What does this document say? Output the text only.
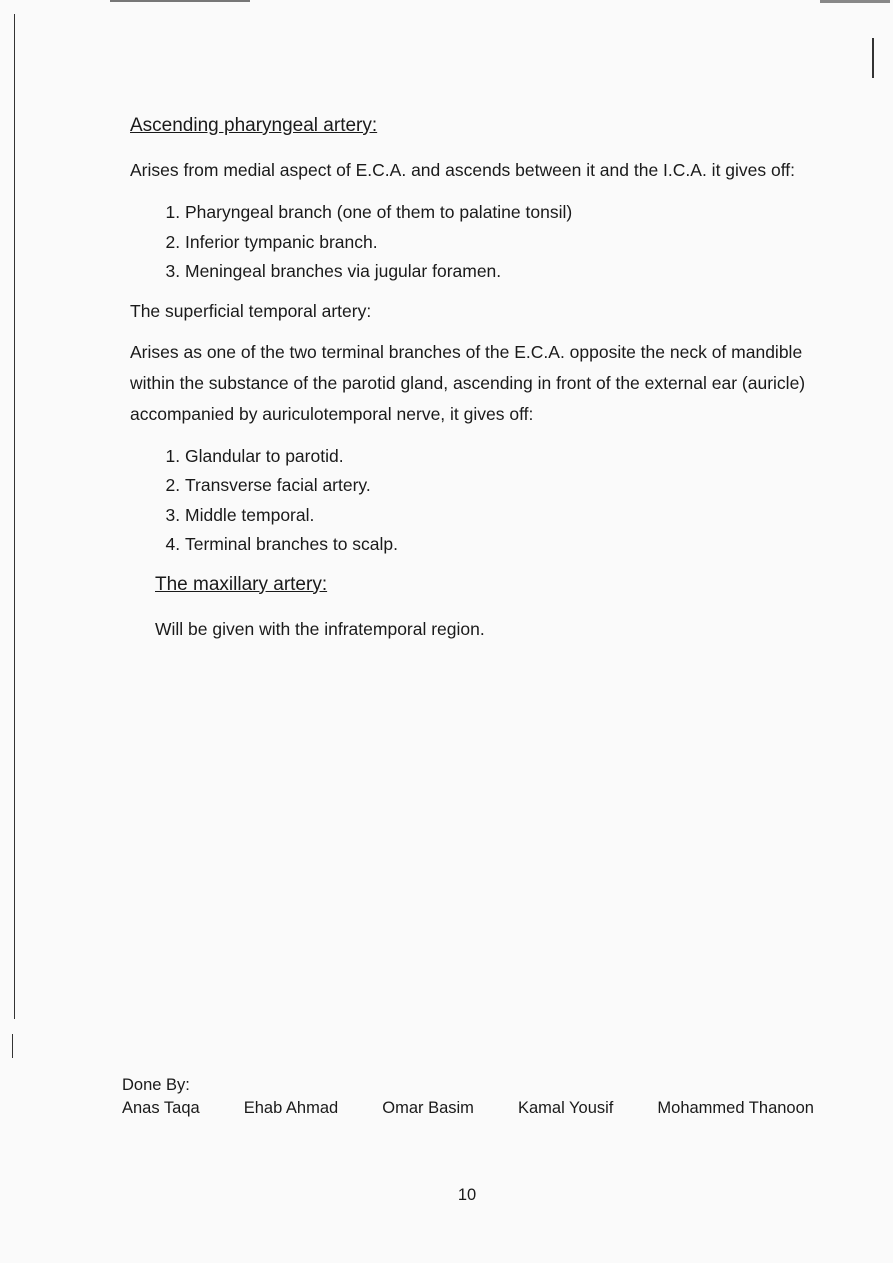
Ascending pharyngeal artery:

Arises from medial aspect of E.C.A. and ascends between it and the I.C.A. it gives off:

1. Pharyngeal branch (one of them to palatine tonsil)
2. Inferior tympanic branch.
3. Meningeal branches via jugular foramen.

The superficial temporal artery:

Arises as one of the two terminal branches of the E.C.A. opposite the neck of mandible within the substance of the parotid gland, ascending in front of the external ear (auricle) accompanied by auriculotemporal nerve, it gives off:

1. Glandular to parotid.
2. Transverse facial artery.
3. Middle temporal.
4. Terminal branches to scalp.
The maxillary artery:

Will be given with the infratemporal region.

Done By:
Anas Taqa	Ehab Ahmad	Omar Basim	Kamal Yousif	Mohammed Thanoon
10
